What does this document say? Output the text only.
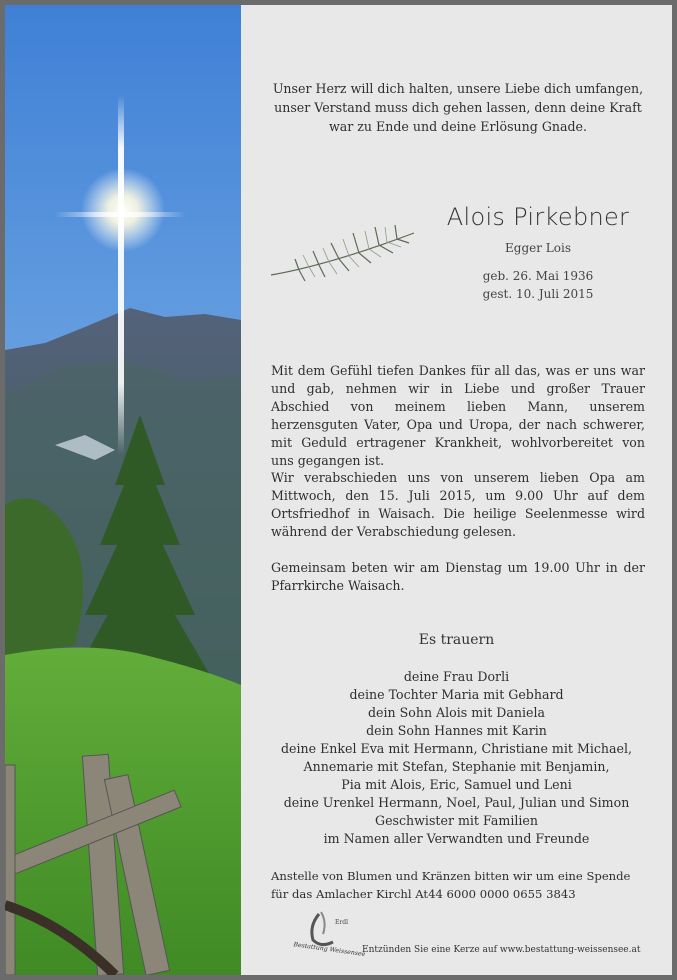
Unser Herz will dich halten, unsere Liebe dich umfangen,
unser Verstand muss dich gehen lassen, denn deine Kraft
war zu Ende und deine Erlösung Gnade.
Alois Pirkebner
Egger Lois
geb. 26. Mai 1936
gest. 10. Juli 2015
Mit dem Gefühl tiefen Dankes für all das, was er uns war und gab, nehmen wir in Liebe und großer Trauer Abschied von meinem lieben Mann, unserem herzensguten Vater, Opa und Uropa, der nach schwerer, mit Geduld ertragener Krankheit, wohlvorbereitet von uns gegangen ist.
Wir verabschieden uns von unserem lieben Opa am Mittwoch, den 15. Juli 2015, um 9.00 Uhr auf dem Ortsfriedhof in Waisach. Die heilige Seelenmesse wird während der Verabschiedung gelesen.
Gemeinsam beten wir am Dienstag um 19.00 Uhr in der Pfarrkirche Waisach.
Es trauern
deine Frau Dorli
deine Tochter Maria mit Gebhard
dein Sohn Alois mit Daniela
dein Sohn Hannes mit Karin
deine Enkel Eva mit Hermann, Christiane mit Michael,
Annemarie mit Stefan, Stephanie mit Benjamin,
Pia mit Alois, Eric, Samuel und Leni
deine Urenkel Hermann, Noel, Paul, Julian und Simon
Geschwister mit Familien
im Namen aller Verwandten und Freunde
Anstelle von Blumen und Kränzen bitten wir um eine Spende
für das Amlacher Kirchl At44 6000 0000 0655 3843
Erdl
Bestattung Weissensee
Entzünden Sie eine Kerze auf www.bestattung-weissensee.at
